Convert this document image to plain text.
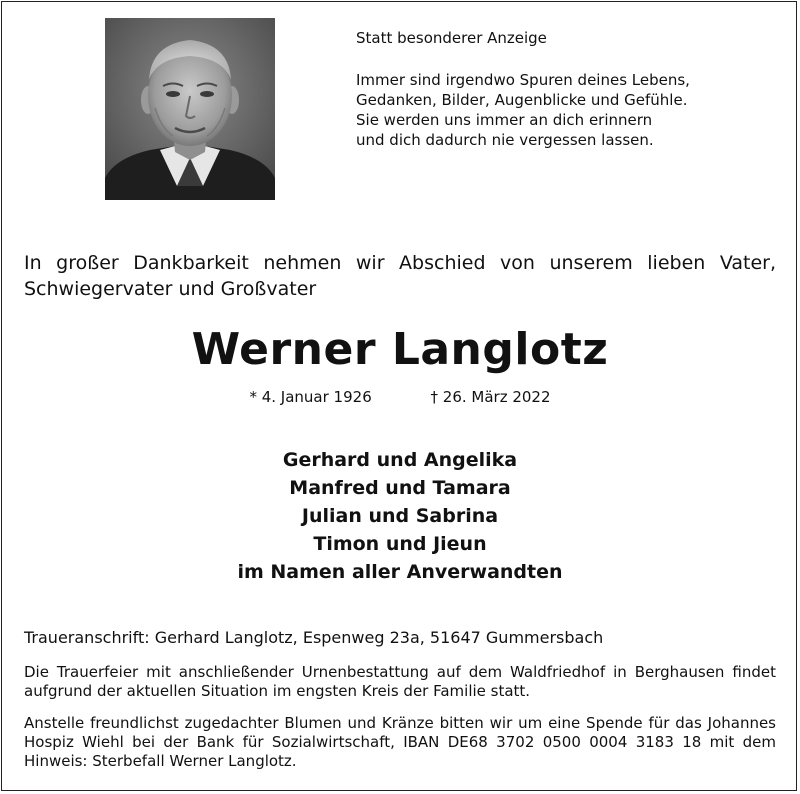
Statt besonderer Anzeige
Immer sind irgendwo Spuren deines Lebens,
Gedanken, Bilder, Augenblicke und Gefühle.
Sie werden uns immer an dich erinnern
und dich dadurch nie vergessen lassen.
In großer Dankbarkeit nehmen wir Abschied von unserem lieben Vater,
Schwiegervater und Großvater
Werner Langlotz
* 4. Januar 1926	† 26. März 2022
Gerhard und Angelika
Manfred und Tamara
Julian und Sabrina
Timon und Jieun
im Namen aller Anverwandten
Traueranschrift: Gerhard Langlotz, Espenweg 23a, 51647 Gummersbach
Die Trauerfeier mit anschließender Urnenbestattung auf dem Waldfriedhof in Berghausen findet aufgrund der aktuellen Situation im engsten Kreis der Familie statt.
Anstelle freundlichst zugedachter Blumen und Kränze bitten wir um eine Spende für das Johannes Hospiz Wiehl bei der Bank für Sozialwirtschaft, IBAN DE68 3702 0500 0004 3183 18 mit dem Hinweis: Sterbefall Werner Langlotz.
